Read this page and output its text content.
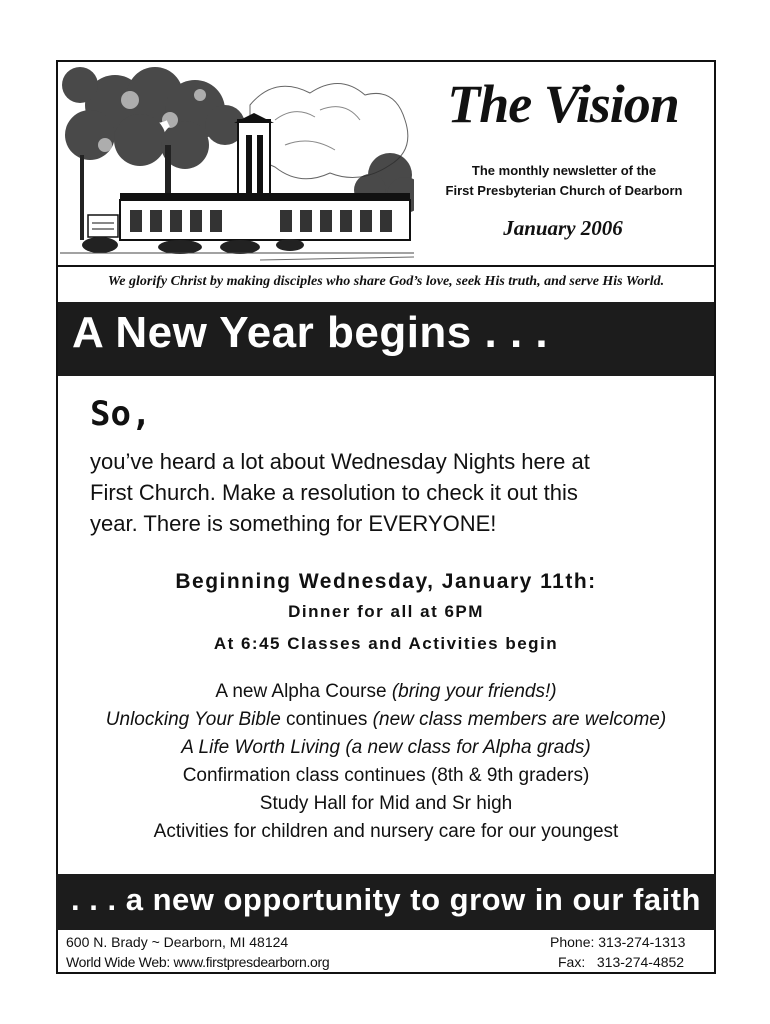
The Vision
The monthly newsletter of the
First Presbyterian Church of Dearborn
January 2006
We glorify Christ by making disciples who share God’s love, seek His truth, and serve His World.
A New Year begins . . .
So,
you’ve heard a lot about Wednesday Nights here at
First Church. Make a resolution to check it out this
year. There is something for EVERYONE!
Beginning Wednesday, January 11th:
Dinner for all at 6PM
At 6:45 Classes and Activities begin
A new Alpha Course (bring your friends!)
Unlocking Your Bible continues (new class members are welcome)
A Life Worth Living (a new class for Alpha grads)
Confirmation class continues (8th & 9th graders)
Study Hall for Mid and Sr high
Activities for children and nursery care for our youngest
. . . a new opportunity to grow in our faith
600 N. Brady ~ Dearborn, MI 48124
World Wide Web: www.firstpresdearborn.org
Phone: 313-274-1313
Fax:   313-274-4852
